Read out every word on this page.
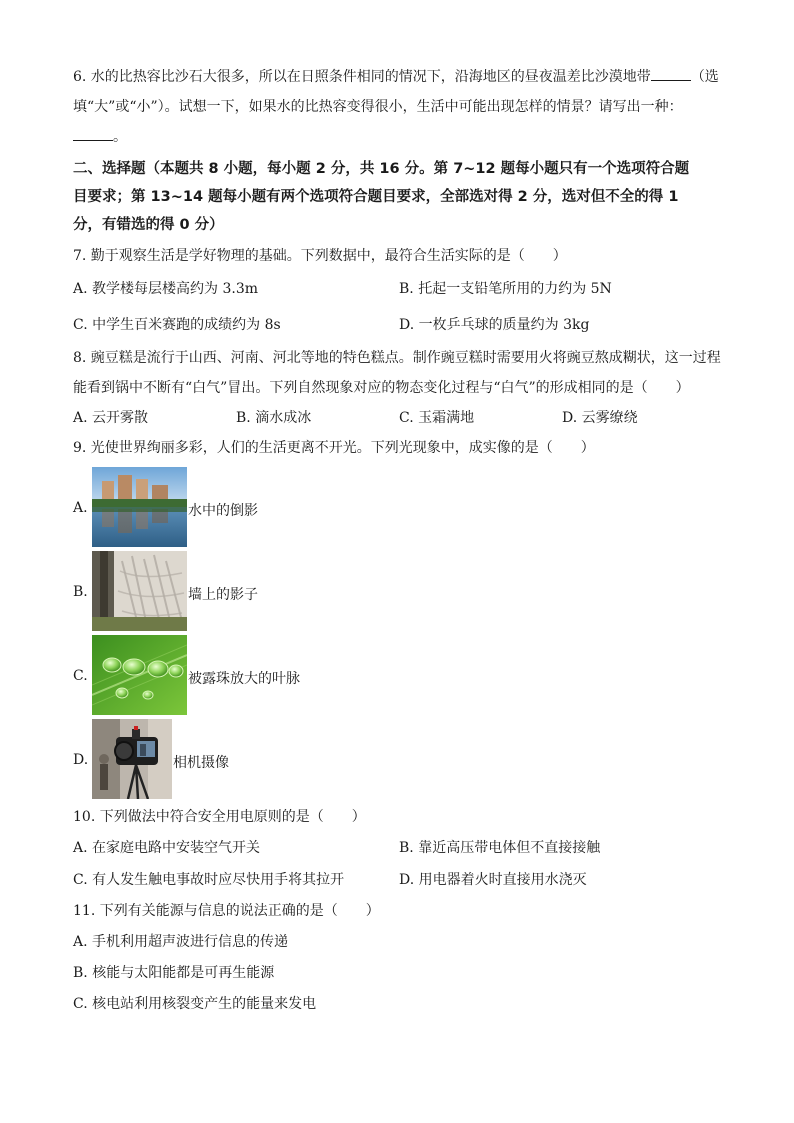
6. 水的比热容比沙石大很多，所以在日照条件相同的情况下，沿海地区的昼夜温差比沙漠地带	（选
填“大”或“小”）。试想一下，如果水的比热容变得很小，生活中可能出现怎样的情景？请写出一种：
。
二、选择题（本题共 8 小题，每小题 2 分，共 16 分。第 7~12 题每小题只有一个选项符合题
目要求；第 13~14 题每小题有两个选项符合题目要求，全部选对得 2 分，选对但不全的得 1
分，有错选的得 0 分）
7. 勤于观察生活是学好物理的基础。下列数据中，最符合生活实际的是（　　）
A. 教学楼每层楼高约为 3.3m	B. 托起一支铅笔所用的力约为 5N
C. 中学生百米赛跑的成绩约为 8s	D. 一枚乒乓球的质量约为 3kg
8. 豌豆糕是流行于山西、河南、河北等地的特色糕点。制作豌豆糕时需要用火将豌豆熬成糊状，这一过程
能看到锅中不断有“白气”冒出。下列自然现象对应的物态变化过程与“白气”的形成相同的是（　　）
A. 云开雾散	B. 滴水成冰	C. 玉霜满地	D. 云雾缭绕
9. 光使世界绚丽多彩，人们的生活更离不开光。下列光现象中，成实像的是（　　）
A.	水中的倒影
B.	墙上的影子
C.	被露珠放大的叶脉
D.	相机摄像
10. 下列做法中符合安全用电原则的是（　　）
A. 在家庭电路中安装空气开关	B. 靠近高压带电体但不直接接触
C. 有人发生触电事故时应尽快用手将其拉开	D. 用电器着火时直接用水浇灭
11. 下列有关能源与信息的说法正确的是（　　）
A. 手机利用超声波进行信息的传递
B. 核能与太阳能都是可再生能源
C. 核电站利用核裂变产生的能量来发电
